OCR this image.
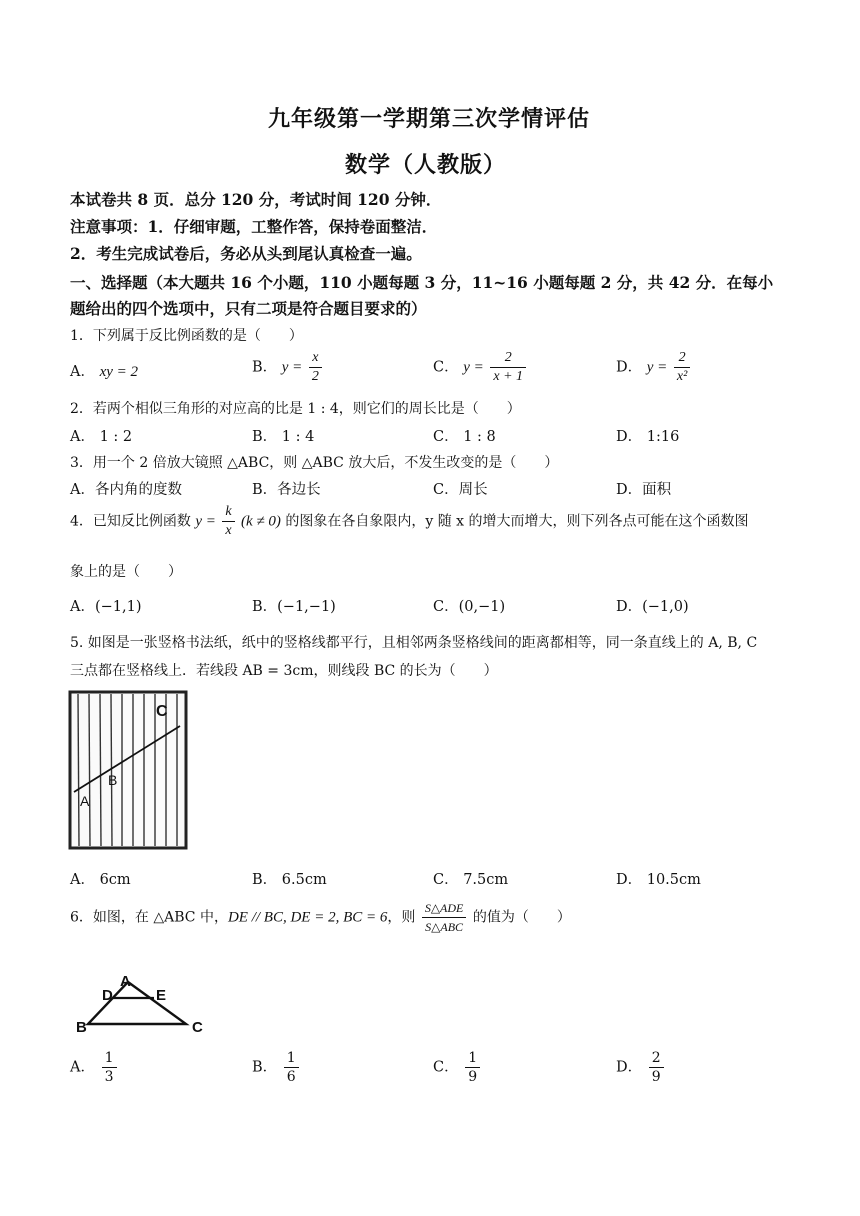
九年级第一学期第三次学情评估
数学（人教版）
本试卷共 8 页．总分 120 分，考试时间 120 分钟．
注意事项：1．仔细审题，工整作答，保持卷面整洁．
2．考生完成试卷后，务必从头到尾认真检查一遍。
一、选择题（本大题共 16 个小题，110 小题每题 3 分，11~16 小题每题 2 分，共 42 分．在每小
题给出的四个选项中，只有二项是符合题目要求的）
1．下列属于反比例函数的是（　　）
A． xy = 2	B． $y = \frac{x}{2}$	C． $y = \frac{2}{x + 1}$	D． $y = \frac{2}{\text{x²}}$
2．若两个相似三角形的对应高的比是 1 : 4，则它们的周长比是（　　）
A． 1 : 2	B． 1 : 4	C． 1 : 8	D． 1:16
3．用一个 2 倍放大镜照 △ABC，则 △ABC 放大后，不发生改变的是（　　）
A．各内角的度数	B．各边长	C．周长	D．面积
4．已知反比例函数 $y = \frac{k}{x} (k \ne 0)$ 的图象在各自象限内，y 随 x 的增大而增大，则下列各点可能在这个函数图
象上的是（　　）
A．(−1,1)	B．(−1,−1)	C．(0,−1)	D．(−1,0)
5. 如图是一张竖格书法纸，纸中的竖格线都平行，且相邻两条竖格线间的距离都相等，同一条直线上的 A, B, C
三点都在竖格线上．若线段 AB = 3cm，则线段 BC 的长为（　　）
A
B
C
A． 6cm	B． 6.5cm	C． 7.5cm	D． 10.5cm
6．如图，在 △ABC 中，DE // BC, DE = 2, BC = 6，则 $\frac{\text{S△ADE}}{\text{S△ABC}}$ 的值为（　　）
A
D	E
B	C
A． $\frac{1}{3}$	B． $\frac{1}{6}$	C． $\frac{1}{9}$	D． $\frac{2}{9}$
